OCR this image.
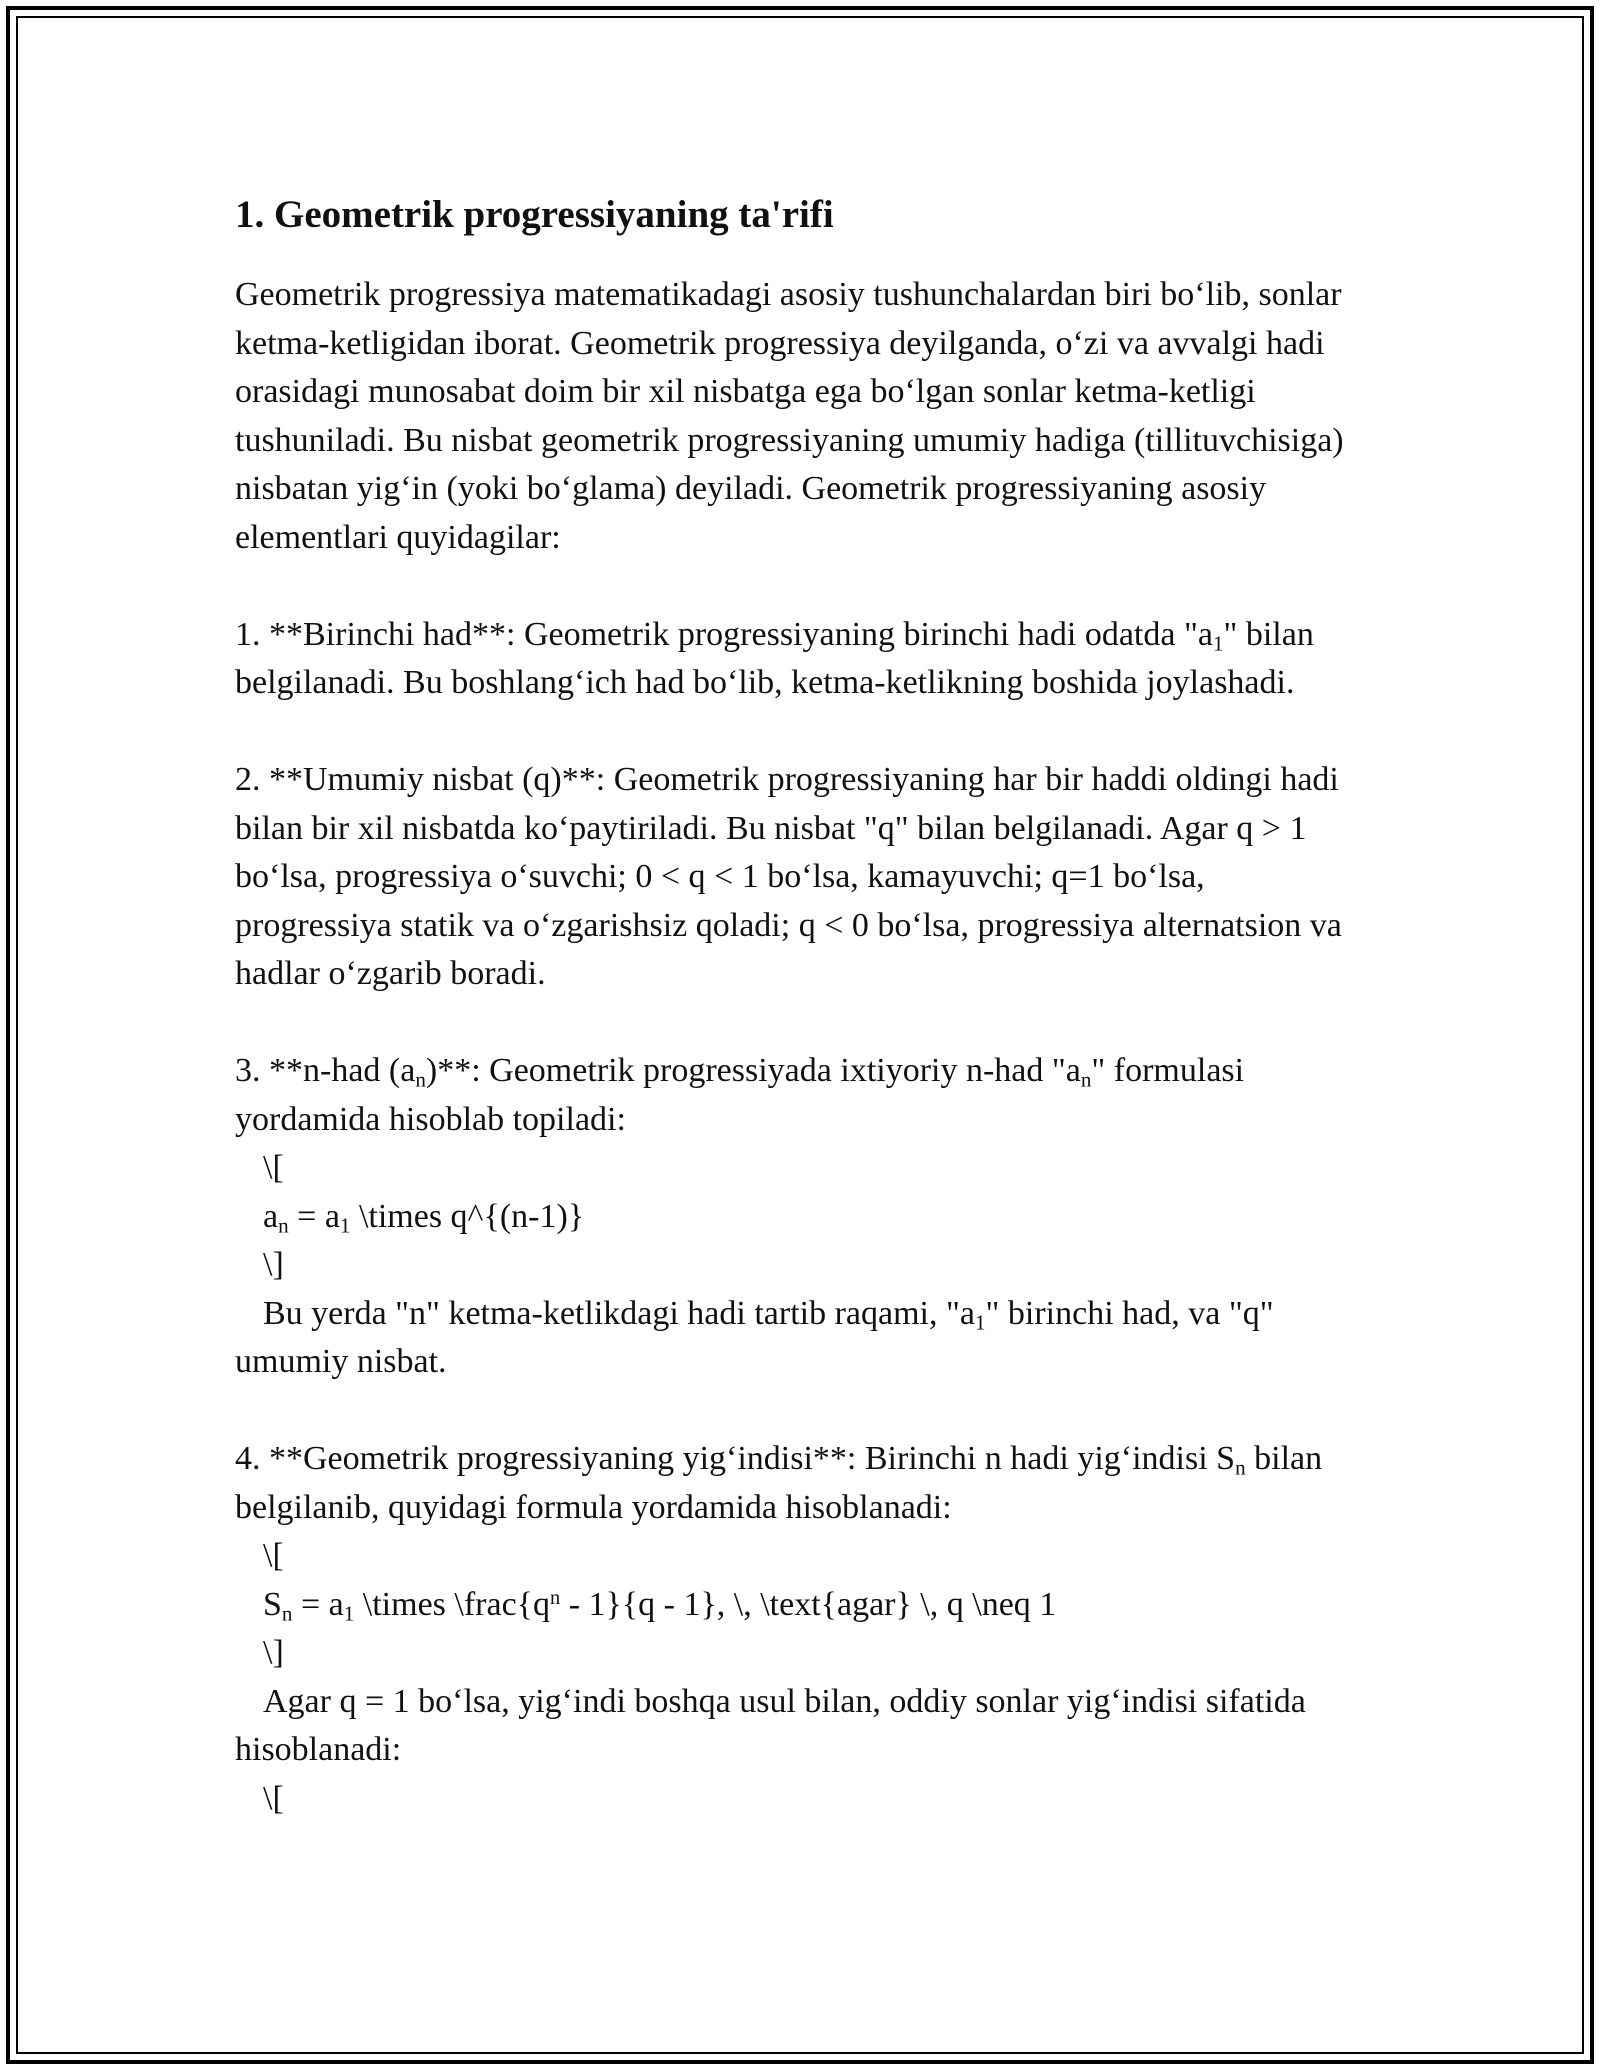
1. Geometrik progressiyaning ta'rifi

Geometrik progressiya matematikadagi asosiy tushunchalardan biri bo‘lib, sonlar ketma-ketligidan iborat. Geometrik progressiya deyilganda, o‘zi va avvalgi hadi orasidagi munosabat doim bir xil nisbatga ega bo‘lgan sonlar ketma-ketligi tushuniladi. Bu nisbat geometrik progressiyaning umumiy hadiga (tillituvchisiga) nisbatan yig‘in (yoki bo‘glama) deyiladi. Geometrik progressiyaning asosiy elementlari quyidagilar:

1. **Birinchi had**: Geometrik progressiyaning birinchi hadi odatda "$a_1$" bilan belgilanadi. Bu boshlang‘ich had bo‘lib, ketma-ketlikning boshida joylashadi.

2. **Umumiy nisbat (q)**: Geometrik progressiyaning har bir haddi oldingi hadi bilan bir xil nisbatda ko‘paytiriladi. Bu nisbat "q" bilan belgilanadi. Agar q > 1 bo‘lsa, progressiya o‘suvchi; 0 < q < 1 bo‘lsa, kamayuvchi; q=1 bo‘lsa, progressiya statik va o‘zgarishsiz qoladi; q < 0 bo‘lsa, progressiya alternatsion va hadlar o‘zgarib boradi.

3. **n-had $(a_n)**$: Geometrik progressiyada ixtiyoriy n-had "$a_n$" formulasi yordamida hisoblab topiladi:

\[

$a_n = a_1$ \times q^{(n-1)}

\]

Bu yerda "n" ketma-ketlikdagi hadi tartib raqami, "$a_1$" birinchi had, va "q" umumiy nisbat.

4. **Geometrik progressiyaning yig‘indisi**: Birinchi n hadi yig‘indisi $S_n$ bilan belgilanib, quyidagi formula yordamida hisoblanadi:

\[

$S_n = a_1$ \times $\backslash frac\{q^n - 1\}\{q - 1\}$, \, \text{agar} \, q \neq 1

\]

Agar q = 1 bo‘lsa, yig‘indi boshqa usul bilan, oddiy sonlar yig‘indisi sifatida hisoblanadi:

\[
